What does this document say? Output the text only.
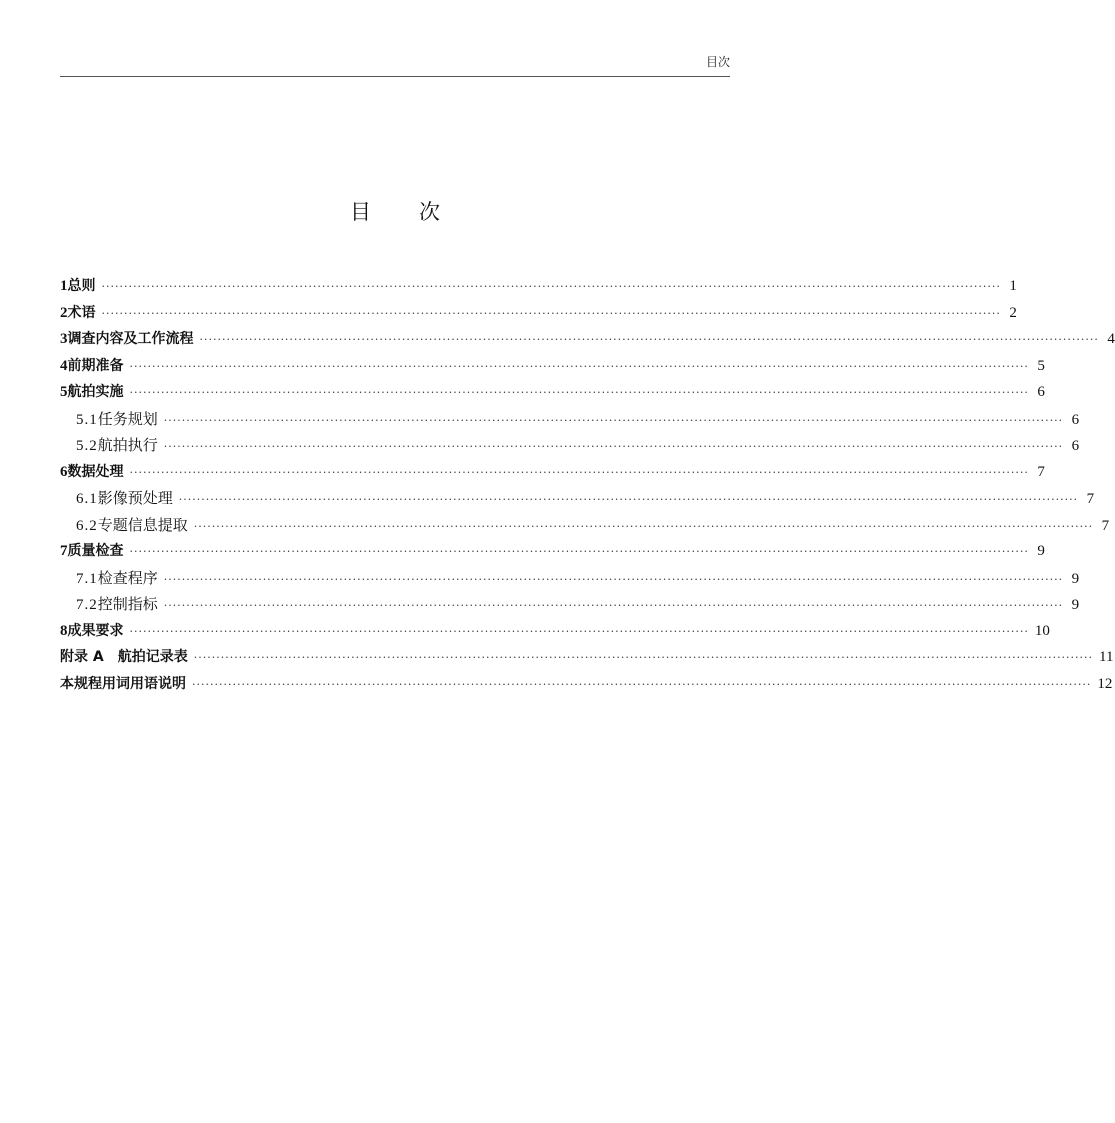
目次
目 次
1 总则 ········································································································································································································ 1
2 术语 ········································································································································································································ 2
3 调查内容及工作流程 ········································································································································································································ 4
4 前期准备 ········································································································································································································ 5
5 航拍实施 ········································································································································································································ 6
5.1 任务规划 ········································································································································································································ 6
5.2 航拍执行 ········································································································································································································ 6
6 数据处理 ········································································································································································································ 7
6.1 影像预处理 ········································································································································································································ 7
6.2 专题信息提取 ········································································································································································································ 7
7 质量检查 ········································································································································································································ 9
7.1 检查程序 ········································································································································································································ 9
7.2 控制指标 ········································································································································································································ 9
8 成果要求 ········································································································································································································ 10
附录 A　航拍记录表 ········································································································································································································ 11
本规程用词用语说明 ········································································································································································································ 12
